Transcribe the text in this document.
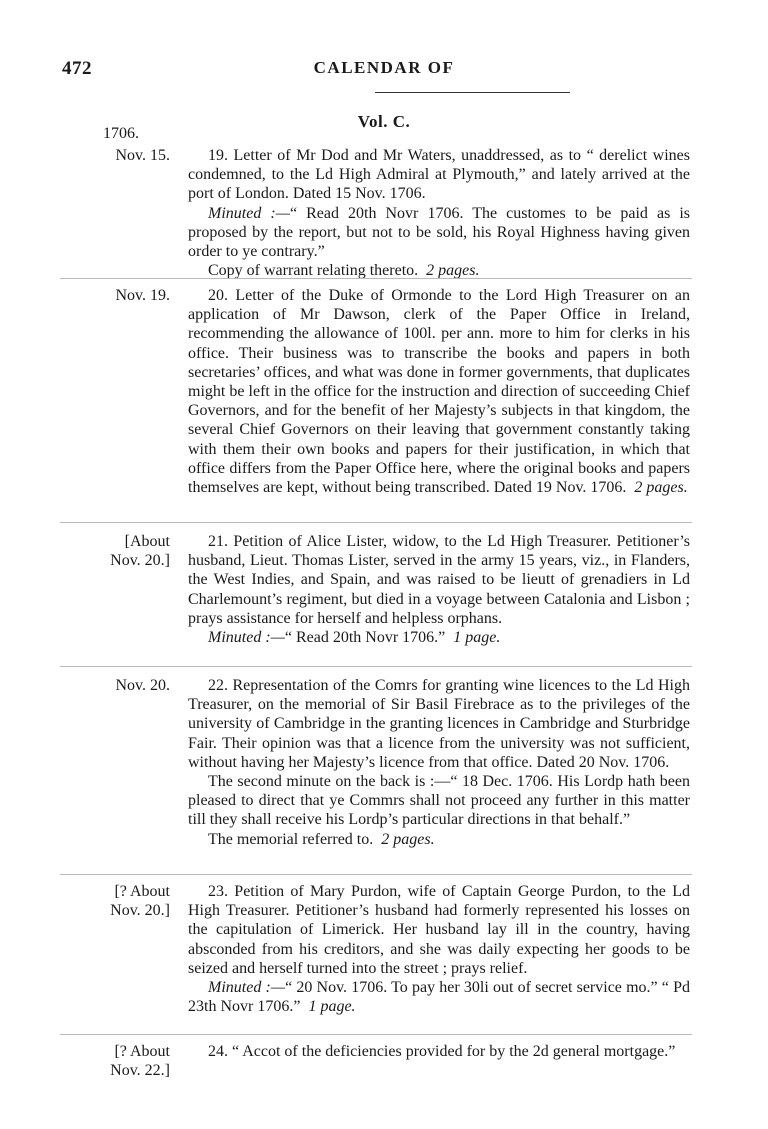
472	CALENDAR OF
Vol. C.
1706.
Nov. 15.	19. Letter of Mr Dod and Mr Waters, unaddressed, as to “ derelict wines condemned, to the Ld High Admiral at Plymouth,” and lately arrived at the port of London. Dated 15 Nov. 1706.

Minuted :—“ Read 20th Novr 1706. The customes to be paid as is proposed by the report, but not to be sold, his Royal Highness having given order to ye contrary.”

Copy of warrant relating thereto. 2 pages.

Nov. 19.	20. Letter of the Duke of Ormonde to the Lord High Treasurer on an application of Mr Dawson, clerk of the Paper Office in Ireland, recommending the allowance of 100l. per ann. more to him for clerks in his office. Their business was to transcribe the books and papers in both secretaries’ offices, and what was done in former governments, that duplicates might be left in the office for the instruction and direction of succeeding Chief Governors, and for the benefit of her Majesty’s subjects in that kingdom, the several Chief Governors on their leaving that government constantly taking with them their own books and papers for their justification, in which that office differs from the Paper Office here, where the original books and papers themselves are kept, without being transcribed. Dated 19 Nov. 1706. 2 pages.

[About
Nov. 20.]

21. Petition of Alice Lister, widow, to the Ld High Treasurer. Petitioner’s husband, Lieut. Thomas Lister, served in the army 15 years, viz., in Flanders, the West Indies, and Spain, and was raised to be lieutt of grenadiers in Ld Charlemount’s regiment, but died in a voyage between Catalonia and Lisbon ; prays assistance for herself and helpless orphans.

Minuted :—“ Read 20th Novr 1706.” 1 page.

Nov. 20.	22. Representation of the Comrs for granting wine licences to the Ld High Treasurer, on the memorial of Sir Basil Firebrace as to the privileges of the university of Cambridge in the granting licences in Cambridge and Sturbridge Fair. Their opinion was that a licence from the university was not sufficient, without having her Majesty’s licence from that office. Dated 20 Nov. 1706.

The second minute on the back is :—“ 18 Dec. 1706. His Lordp hath been pleased to direct that ye Commrs shall not proceed any further in this matter till they shall receive his Lordp’s particular directions in that behalf.”

The memorial referred to. 2 pages.

[? About
Nov. 20.]

23. Petition of Mary Purdon, wife of Captain George Purdon, to the Ld High Treasurer. Petitioner’s husband had formerly represented his losses on the capitulation of Limerick. Her husband lay ill in the country, having absconded from his creditors, and she was daily expecting her goods to be seized and herself turned into the street ; prays relief.

Minuted :—“ 20 Nov. 1706. To pay her 30li out of secret service mo.” “ Pd 23th Novr 1706.” 1 page.

[? About
Nov. 22.]

24. “ Accot of the deficiencies provided for by the 2d general mortgage.”
